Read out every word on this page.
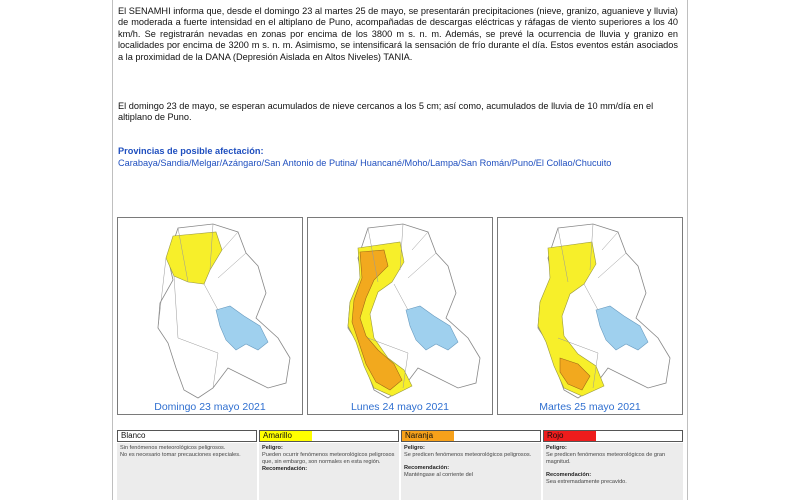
El SENAMHI informa que, desde el domingo 23 al martes 25 de mayo, se presentarán precipitaciones (nieve, granizo, aguanieve y lluvia) de moderada a fuerte intensidad en el altiplano de Puno, acompañadas de descargas eléctricas y ráfagas de viento superiores a los 40 km/h. Se registrarán nevadas en zonas por encima de los 3800 m s. n. m. Además, se prevé la ocurrencia de lluvia y granizo en localidades por encima de 3200 m s. n. m. Asimismo, se intensificará la sensación de frío durante el día. Estos eventos están asociados a la proximidad de la DANA (Depresión Aislada en Altos Niveles) TANIA.
El domingo 23 de mayo, se esperan acumulados de nieve cercanos a los 5 cm; así como, acumulados de lluvia de 10 mm/día en el altiplano de Puno.
Provincias de posible afectación:
Carabaya/Sandia/Melgar/Azángaro/San Antonio de Putina/ Huancané/Moho/Lampa/San Román/Puno/El Collao/Chucuito
Domingo 23 mayo 2021	Lunes 24 mayo 2021	Martes 25 mayo 2021
Blanco

Sin fenómenos meteorológicos peligrosos.

No es necesario tomar precauciones especiales.

Amarillo

Peligro:

Pueden ocurrir fenómenos meteorológicos peligrosos que, sin embargo, son normales en esta región.

Recomendación:

Naranja

Peligro:

Se predicen fenómenos meteorológicos peligrosos.

Recomendación:

Manténgase al corriente del

Rojo

Peligro:

Se predicen fenómenos meteorológicos de gran magnitud.

Recomendación:

Sea extremadamente precavido.
